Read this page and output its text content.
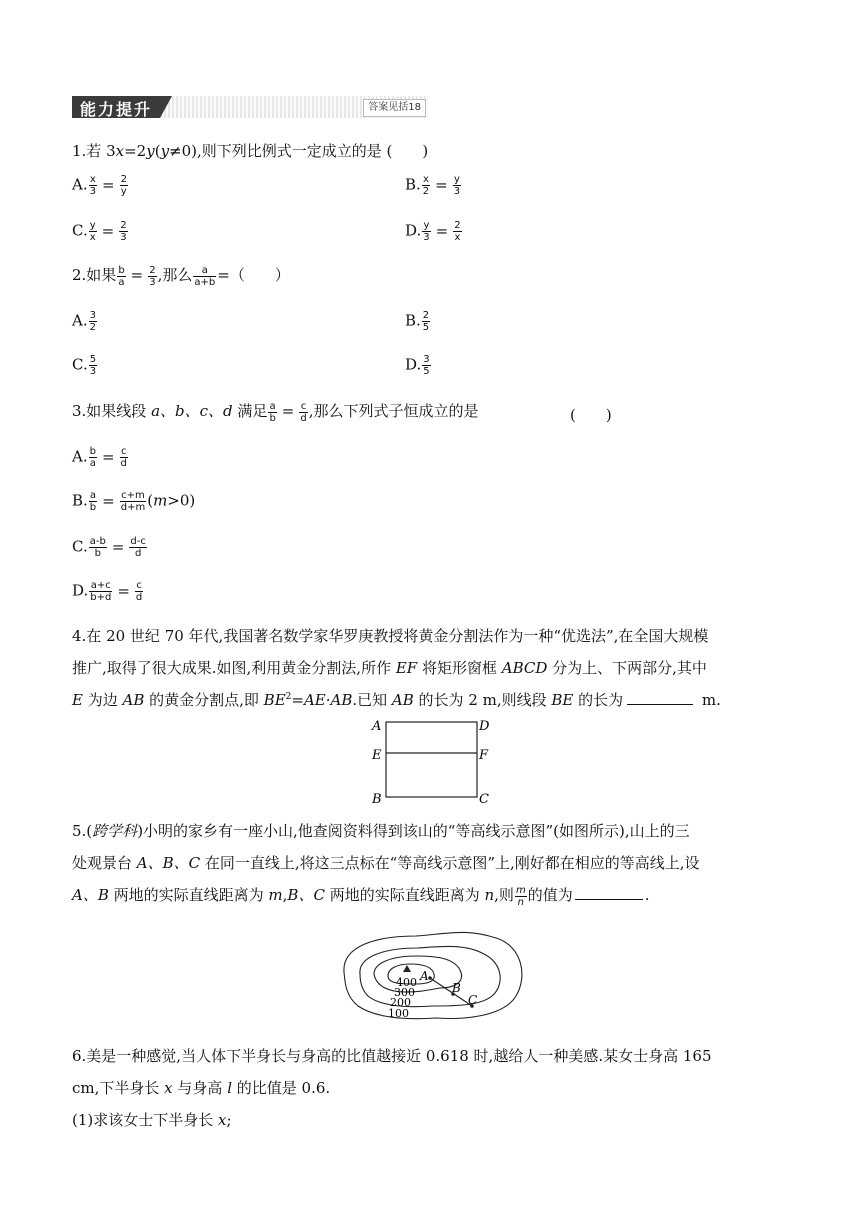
能力提升	答案见括18
1.若 3x=2y(y≠0),则下列比例式一定成立的是 (　　)
A. $\frac{x}{3} = \frac{2}{y}$	B. $\frac{x}{2} = \frac{y}{3}$
C. $\frac{y}{x} = \frac{2}{3}$	D. $\frac{y}{3} = \frac{2}{x}$
2.如果 $\frac{b}{a} = \frac{2}{3}$ ,那么 $\frac{a}{a+b}$ =（　　）
A. $\frac{3}{2}$	B. $\frac{2}{5}$
C. $\frac{5}{3}$	D. $\frac{3}{5}$
3.如果线段 a、b、c、d 满足 $\frac{a}{b} = \frac{c}{d}$ ,那么下列式子恒成立的是	(　　)
A. $\frac{b}{a} = \frac{c}{d}$
B. $\frac{a}{b} = \frac{c+m}{d+m} (m>0)$
C. $\frac{a-b}{b} = \frac{d-c}{d}$
D. $\frac{a+c}{b+d} = \frac{c}{d}$
4.在 20 世纪 70 年代,我国著名数学家华罗庚教授将黄金分割法作为一种“优选法”,在全国大规模
推广,取得了很大成果.如图,利用黄金分割法,所作 EF 将矩形窗框 ABCD 分为上、下两部分,其中
E 为边 AB 的黄金分割点,即 $BE^2=AE\cdot AB$.已知 AB 的长为 2 m,则线段 BE 的长为	m.
A	D
E	F
B	C
5.(跨学科)小明的家乡有一座小山,他查阅资料得到该山的“等高线示意图”(如图所示),山上的三
处观景台 A、B、C 在同一直线上,将这三点标在“等高线示意图”上,刚好都在相应的等高线上,设
A、B 两地的实际直线距离为 m,B、C 两地的实际直线距离为 n,则 $\frac{m}{n}$ 的值为	.
A
B
C
400
300
200
100
6.美是一种感觉,当人体下半身长与身高的比值越接近 0.618 时,越给人一种美感.某女士身高 165
cm,下半身长 x 与身高 l 的比值是 0.6.
(1)求该女士下半身长 x;
